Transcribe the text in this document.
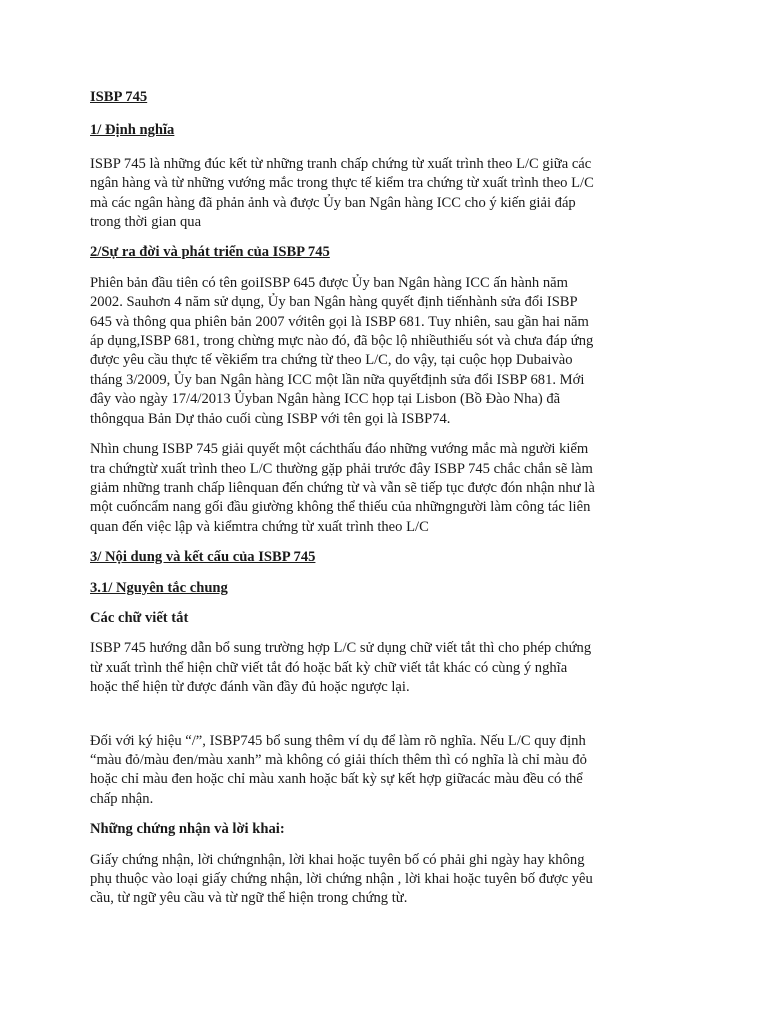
ISBP 745

1/ Định nghĩa

ISBP 745 là những đúc kết từ những tranh chấp chứng từ xuất trình theo L/C giữa các
ngân hàng và từ những vướng mắc trong thực tế kiểm tra chứng từ xuất trình theo L/C
mà các ngân hàng đã phản ảnh và được Ủy ban Ngân hàng ICC cho ý kiến giải đáp
trong thời gian qua

2/Sự ra đời và phát triển của ISBP 745

Phiên bản đầu tiên có tên goiISBP 645 được Ủy ban Ngân hàng ICC ấn hành năm
2002. Sauhơn 4 năm sử dụng, Ủy ban Ngân hàng quyết định tiếnhành sửa đổi ISBP
645 và thông qua phiên bản 2007 vớitên gọi là ISBP 681. Tuy nhiên, sau gần hai năm
áp dụng,ISBP 681, trong chừng mực nào đó, đã bộc lộ nhiềuthiếu sót và chưa đáp ứng
được yêu cầu thực tế vềkiểm tra chứng từ theo L/C, do vậy, tại cuộc họp Dubaivào
tháng 3/2009, Ủy ban Ngân hàng ICC một lần nữa quyếtđịnh sửa đổi ISBP 681. Mới
đây vào ngày 17/4/2013 Ủyban Ngân hàng ICC họp tại Lisbon (Bồ Đào Nha) đã
thôngqua Bản Dự thảo cuối cùng ISBP với tên gọi là ISBP74.

Nhìn chung ISBP 745 giải quyết một cáchthấu đáo những vướng mắc mà người kiểm
tra chứngtừ xuất trình theo L/C thường gặp phải trước đây ISBP 745 chắc chắn sẽ làm
giảm những tranh chấp liênquan đến chứng từ và vẫn sẽ tiếp tục được đón nhận như là
một cuốncẩm nang gối đầu giường không thể thiếu của nhữngngười làm công tác liên
quan đến việc lập và kiểmtra chứng từ xuất trình theo L/C

3/ Nội dung và kết cấu của ISBP 745

3.1/ Nguyên tắc chung

Các chữ viết tắt

ISBP 745 hướng dẫn bổ sung trường hợp L/C sử dụng chữ viết tắt thì cho phép chứng
từ xuất trình thể hiện chữ viết tắt đó hoặc bất kỳ chữ viết tắt khác có cùng ý nghĩa
hoặc thể hiện từ được đánh vần đầy đủ hoặc ngược lại.

Đối với ký hiệu “/”, ISBP745 bổ sung thêm ví dụ để làm rõ nghĩa. Nếu L/C quy định
“màu đỏ/màu đen/màu xanh” mà không có giải thích thêm thì có nghĩa là chỉ màu đỏ
hoặc chỉ màu đen hoặc chỉ màu xanh hoặc bất kỳ sự kết hợp giữacác màu đều có thể
chấp nhận.

Những chứng nhận và lời khai:

Giấy chứng nhận, lời chứngnhận, lời khai hoặc tuyên bố có phải ghi ngày hay không
phụ thuộc vào loại giấy chứng nhận, lời chứng nhận , lời khai hoặc tuyên bố được yêu
cầu, từ ngữ yêu cầu và từ ngữ thể hiện trong chứng từ.
